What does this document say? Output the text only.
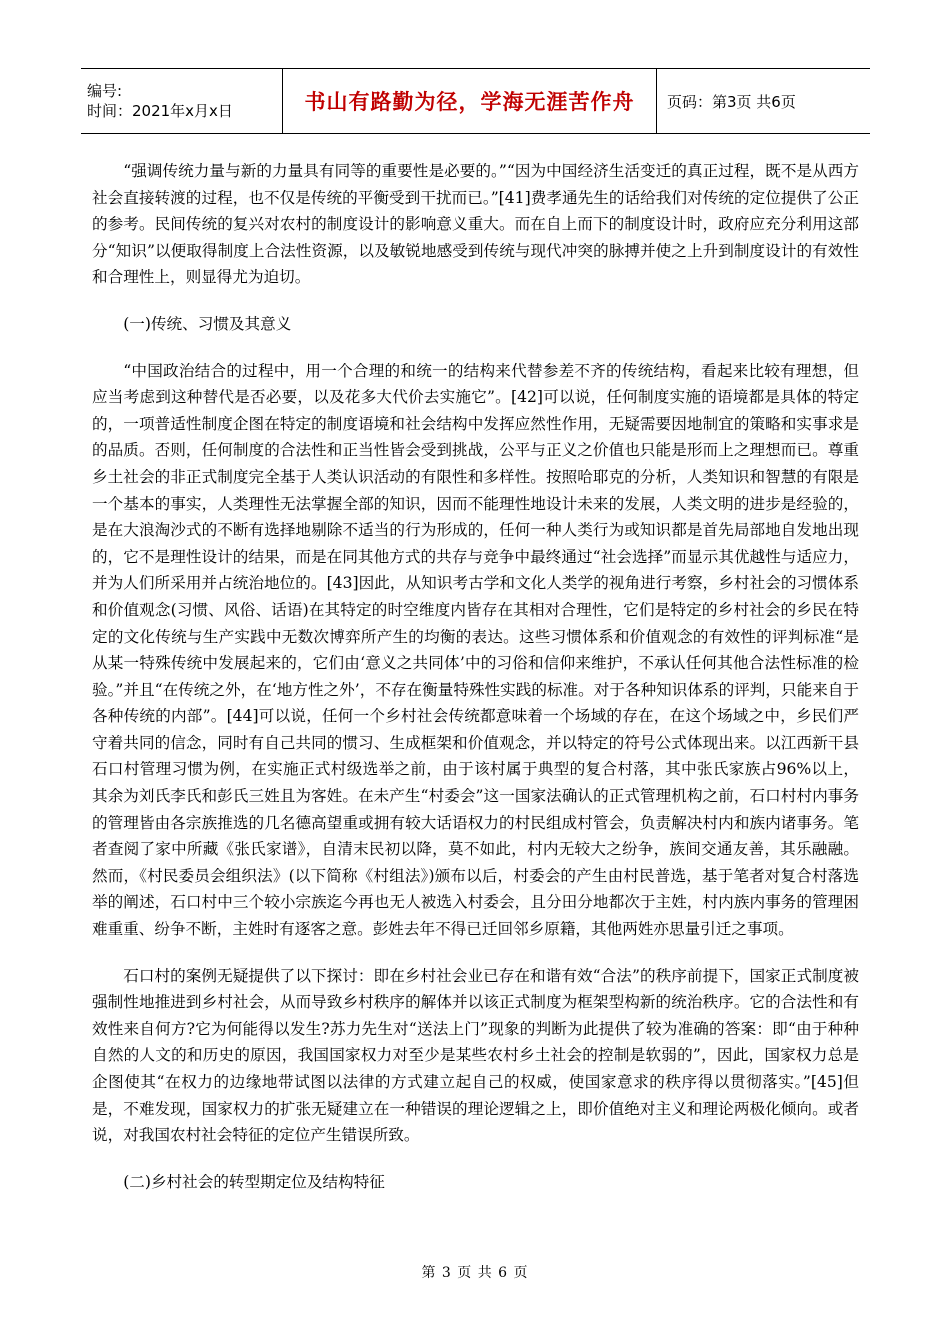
编号:
时间：2021年x月x日	书山有路勤为径，学海无涯苦作舟 页码：第3页 共6页

“强调传统力量与新的力量具有同等的重要性是必要的。”“因为中国经济生活变迁的真正过程，既不是从西方社会直接转渡的过程，也不仅是传统的平衡受到干扰而已。”[41]费孝通先生的话给我们对传统的定位提供了公正的参考。民间传统的复兴对农村的制度设计的影响意义重大。而在自上而下的制度设计时，政府应充分利用这部分“知识”以便取得制度上合法性资源，以及敏锐地感受到传统与现代冲突的脉搏并使之上升到制度设计的有效性和合理性上，则显得尤为迫切。

(一)传统、习惯及其意义

“中国政治结合的过程中，用一个合理的和统一的结构来代替参差不齐的传统结构，看起来比较有理想，但应当考虑到这种替代是否必要，以及花多大代价去实施它”。[42]可以说，任何制度实施的语境都是具体的特定的，一项普适性制度企图在特定的制度语境和社会结构中发挥应然性作用，无疑需要因地制宜的策略和实事求是的品质。否则，任何制度的合法性和正当性皆会受到挑战，公平与正义之价值也只能是形而上之理想而已。尊重乡土社会的非正式制度完全基于人类认识活动的有限性和多样性。按照哈耶克的分析，人类知识和智慧的有限是一个基本的事实，人类理性无法掌握全部的知识，因而不能理性地设计未来的发展，人类文明的进步是经验的，是在大浪淘沙式的不断有选择地剔除不适当的行为形成的，任何一种人类行为或知识都是首先局部地自发地出现的，它不是理性设计的结果，而是在同其他方式的共存与竞争中最终通过“社会选择”而显示其优越性与适应力，并为人们所采用并占统治地位的。[43]因此，从知识考古学和文化人类学的视角进行考察，乡村社会的习惯体系和价值观念(习惯、风俗、话语)在其特定的时空维度内皆存在其相对合理性，它们是特定的乡村社会的乡民在特定的文化传统与生产实践中无数次博弈所产生的均衡的表达。这些习惯体系和价值观念的有效性的评判标准“是从某一特殊传统中发展起来的，它们由‘意义之共同体’中的习俗和信仰来维护，不承认任何其他合法性标准的检验。”并且“在传统之外，在‘地方性之外’，不存在衡量特殊性实践的标准。对于各种知识体系的评判，只能来自于各种传统的内部”。[44]可以说，任何一个乡村社会传统都意味着一个场域的存在，在这个场域之中，乡民们严守着共同的信念，同时有自己共同的惯习、生成框架和价值观念，并以特定的符号公式体现出来。以江西新干县石口村管理习惯为例，在实施正式村级选举之前，由于该村属于典型的复合村落，其中张氏家族占96%以上，其余为刘氏李氏和彭氏三姓且为客姓。在未产生“村委会”这一国家法确认的正式管理机构之前，石口村村内事务的管理皆由各宗族推选的几名德高望重或拥有较大话语权力的村民组成村管会，负责解决村内和族内诸事务。笔者查阅了家中所藏《张氏家谱》，自清末民初以降，莫不如此，村内无较大之纷争，族间交通友善，其乐融融。然而，《村民委员会组织法》(以下简称《村组法》)颁布以后，村委会的产生由村民普选，基于笔者对复合村落选举的阐述，石口村中三个较小宗族迄今再也无人被选入村委会，且分田分地都次于主姓，村内族内事务的管理困难重重、纷争不断，主姓时有逐客之意。彭姓去年不得已迁回邻乡原籍，其他两姓亦思量引迁之事项。

石口村的案例无疑提供了以下探讨：即在乡村社会业已存在和谐有效“合法”的秩序前提下，国家正式制度被强制性地推进到乡村社会，从而导致乡村秩序的解体并以该正式制度为框架型构新的统治秩序。它的合法性和有效性来自何方?它为何能得以发生?苏力先生对“送法上门”现象的判断为此提供了较为准确的答案：即“由于种种自然的人文的和历史的原因，我国国家权力对至少是某些农村乡土社会的控制是软弱的”，因此，国家权力总是企图使其“在权力的边缘地带试图以法律的方式建立起自己的权威，使国家意求的秩序得以贯彻落实。”[45]但是，不难发现，国家权力的扩张无疑建立在一种错误的理论逻辑之上，即价值绝对主义和理论两极化倾向。或者说，对我国农村社会特征的定位产生错误所致。

(二)乡村社会的转型期定位及结构特征

第 3 页 共 6 页
